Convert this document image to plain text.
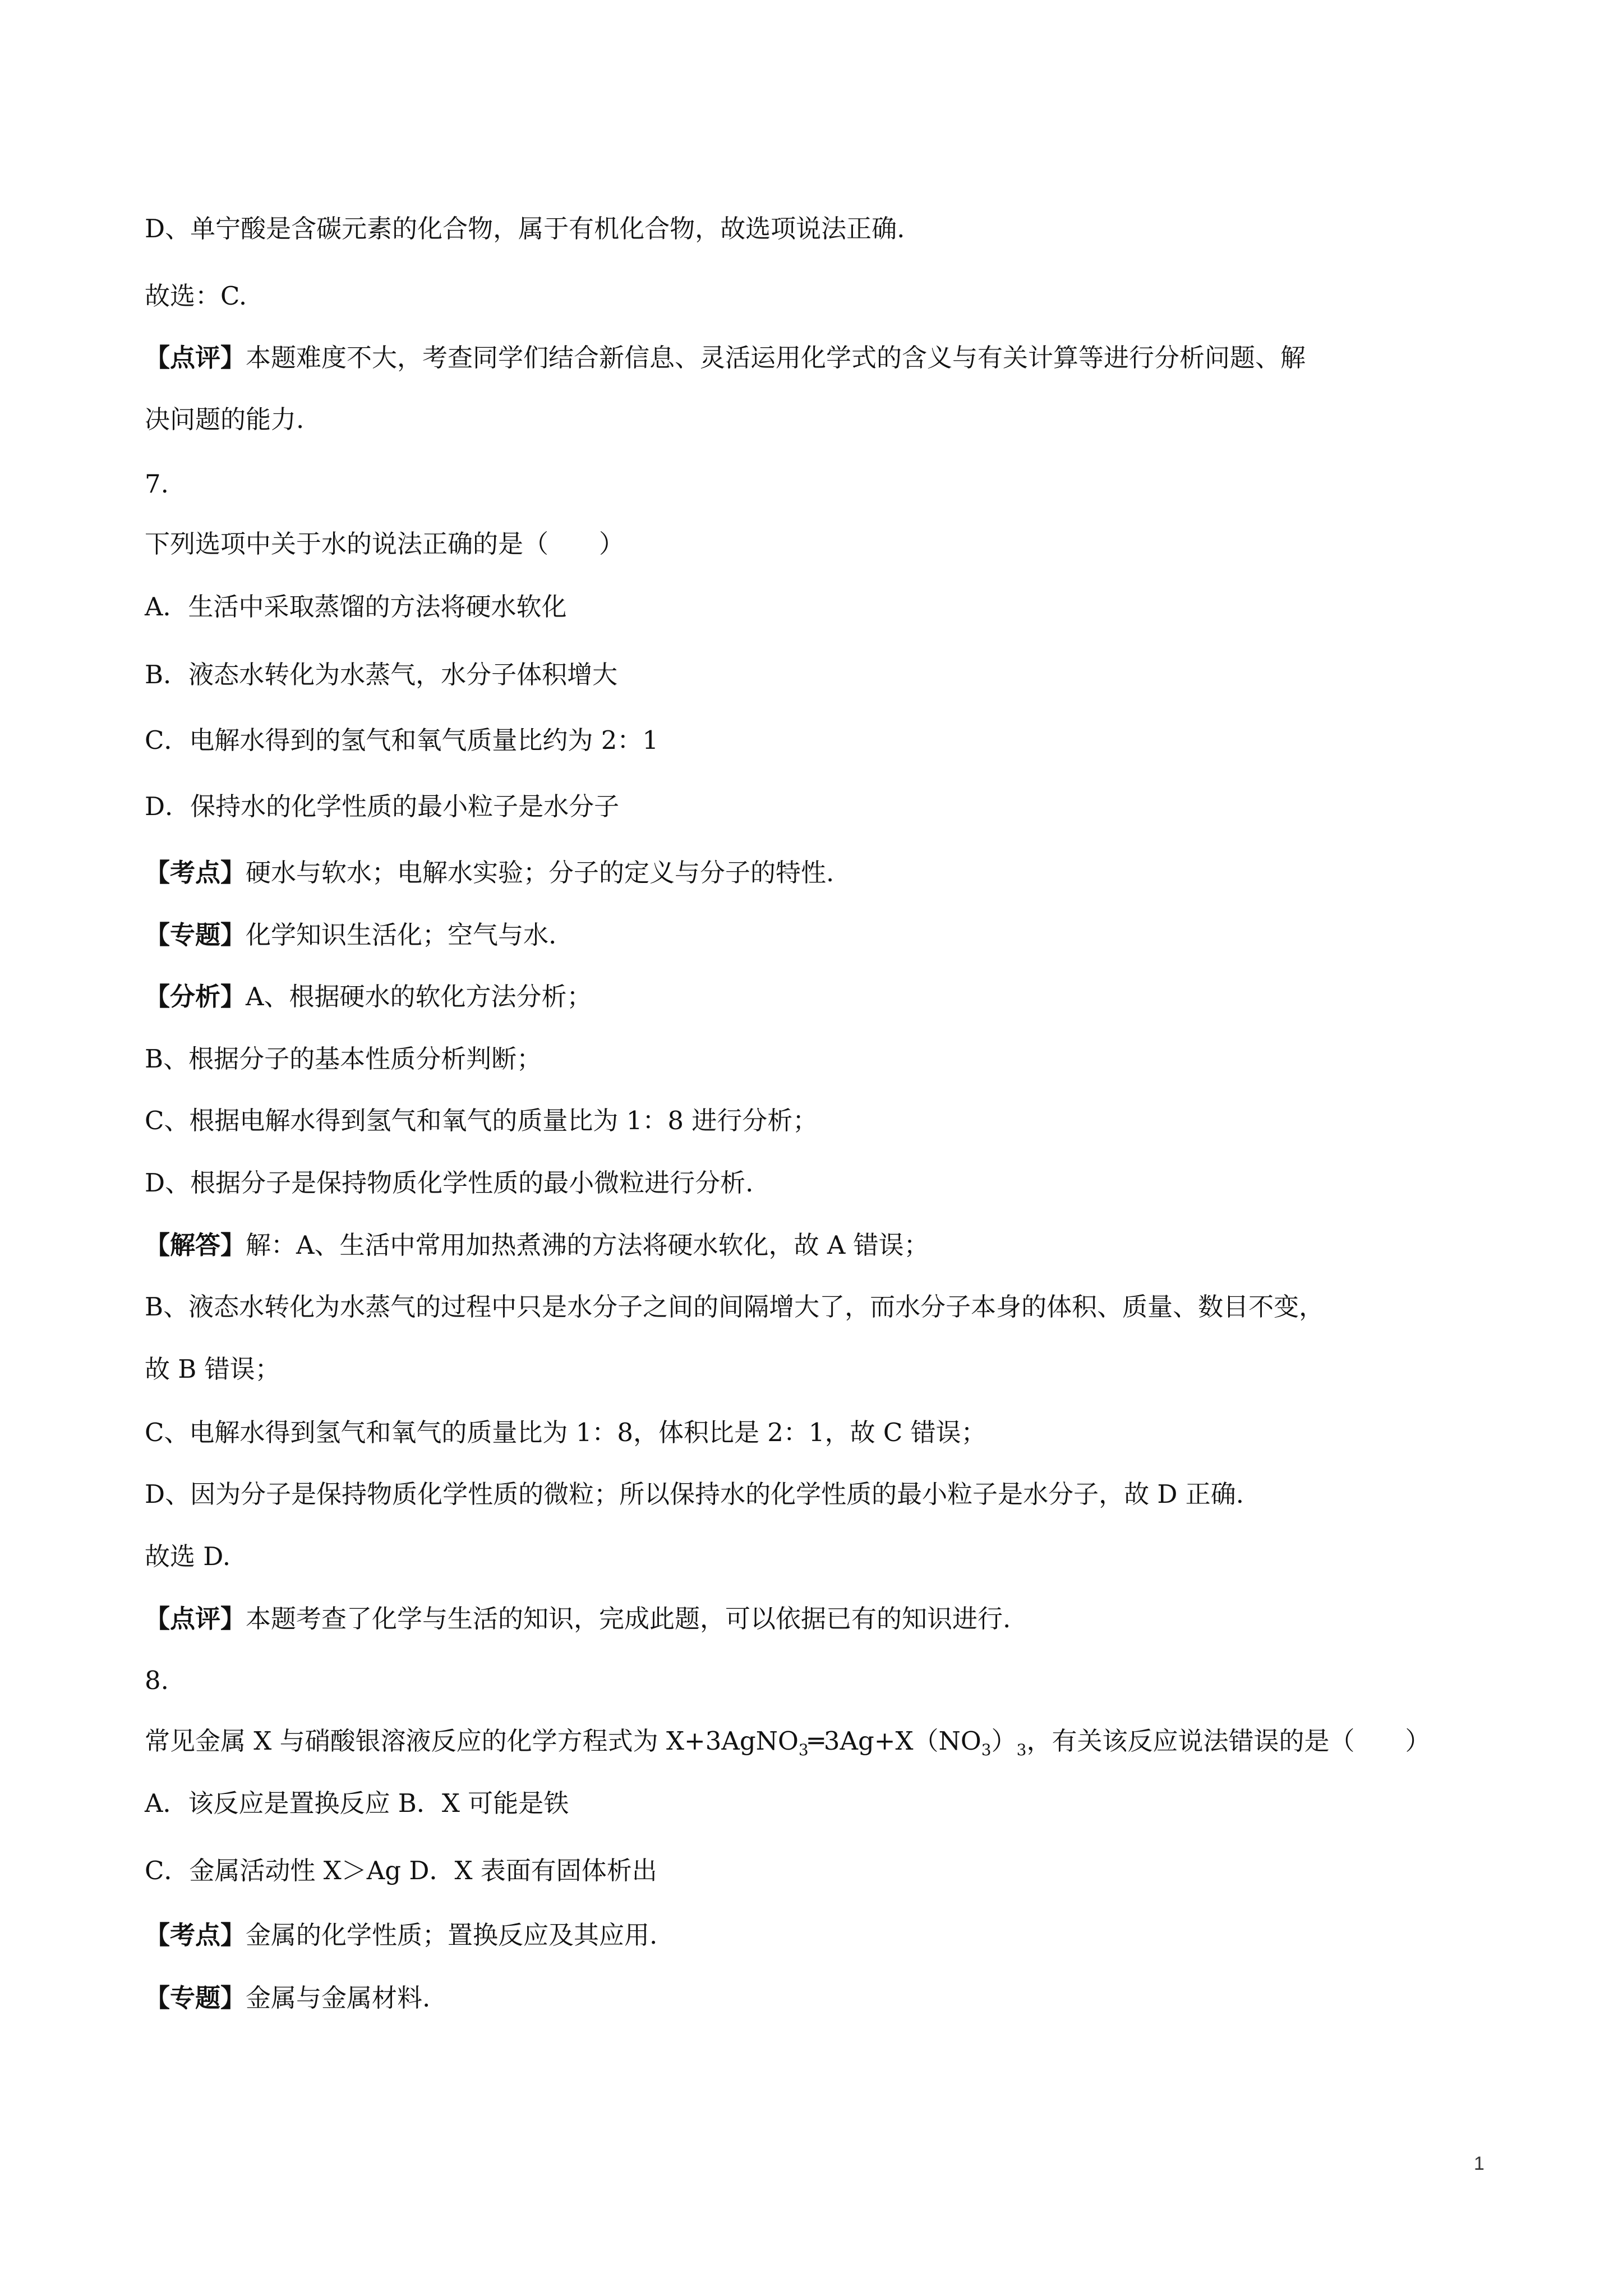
D、单宁酸是含碳元素的化合物，属于有机化合物，故选项说法正确.
故选：C.
【点评】本题难度不大，考查同学们结合新信息、灵活运用化学式的含义与有关计算等进行分析问题、解
决问题的能力.
7.
下列选项中关于水的说法正确的是（　　）
A．生活中采取蒸馏的方法将硬水软化
B．液态水转化为水蒸气，水分子体积增大
C．电解水得到的氢气和氧气质量比约为 2：1
D．保持水的化学性质的最小粒子是水分子
【考点】硬水与软水；电解水实验；分子的定义与分子的特性.
【专题】化学知识生活化；空气与水.
【分析】A、根据硬水的软化方法分析；
B、根据分子的基本性质分析判断；
C、根据电解水得到氢气和氧气的质量比为 1：8 进行分析；
D、根据分子是保持物质化学性质的最小微粒进行分析.
【解答】解：A、生活中常用加热煮沸的方法将硬水软化，故 A 错误；
B、液态水转化为水蒸气的过程中只是水分子之间的间隔增大了，而水分子本身的体积、质量、数目不变，
故 B 错误；
C、电解水得到氢气和氧气的质量比为 1：8，体积比是 2：1，故 C 错误；
D、因为分子是保持物质化学性质的微粒；所以保持水的化学性质的最小粒子是水分子，故 D 正确.
故选 D.
【点评】本题考查了化学与生活的知识，完成此题，可以依据已有的知识进行.
8.
常见金属 X 与硝酸银溶液反应的化学方程式为 $X+3AgNO_3═3Ag+X(NO_3)_3$，有关该反应说法错误的是（　　）
A．该反应是置换反应 B．X 可能是铁
C．金属活动性 X＞Ag D．X 表面有固体析出
【考点】金属的化学性质；置换反应及其应用.
【专题】金属与金属材料.
1
